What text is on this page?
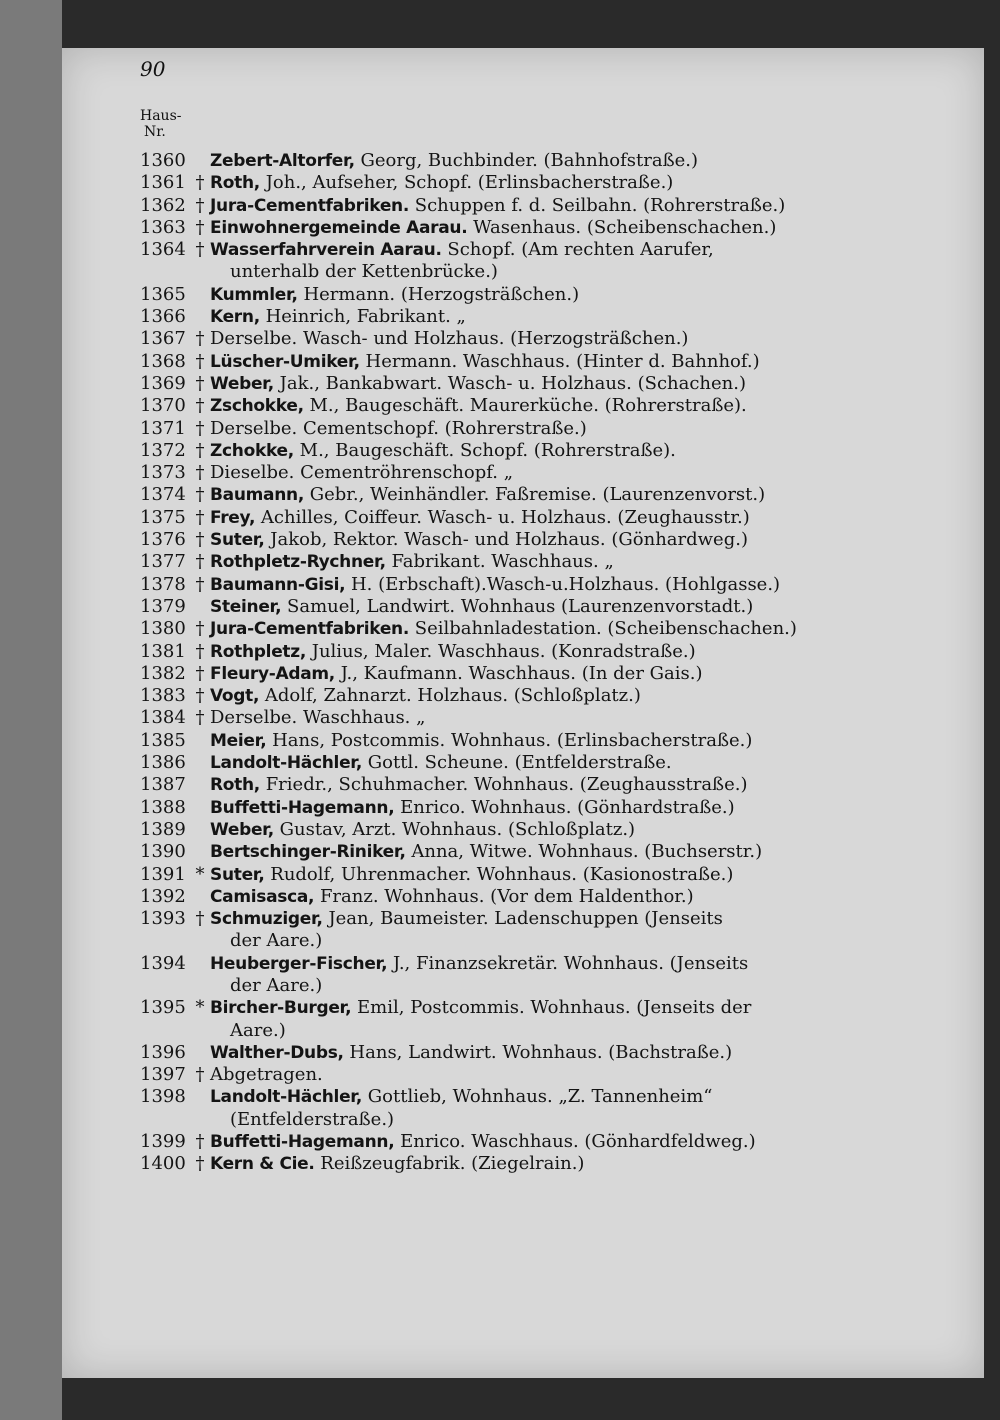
90
Haus-
Nr.
1360	Zebert-Altorfer, Georg, Buchbinder. (Bahnhofstraße.)
1361 † Roth, Joh., Aufseher, Schopf. (Erlinsbacherstraße.)
1362 † Jura-Cementfabriken. Schuppen f. d. Seilbahn. (Rohrerstraße.)
1363 † Einwohnergemeinde Aarau. Wasenhaus. (Scheibenschachen.)
1364 † Wasserfahrverein Aarau. Schopf. (Am rechten Aarufer,
unterhalb der Kettenbrücke.)
1365	Kummler, Hermann. (Herzogsträßchen.)
1366	Kern, Heinrich, Fabrikant. „
1367 † Derselbe. Wasch- und Holzhaus. (Herzogsträßchen.)
1368 † Lüscher-Umiker, Hermann. Waschhaus. (Hinter d. Bahnhof.)
1369 † Weber, Jak., Bankabwart. Wasch- u. Holzhaus. (Schachen.)
1370 † Zschokke, M., Baugeschäft. Maurerküche. (Rohrerstraße).
1371 † Derselbe. Cementschopf. (Rohrerstraße.)
1372 † Zchokke, M., Baugeschäft. Schopf. (Rohrerstraße).
1373 † Dieselbe. Cementröhrenschopf. „
1374 † Baumann, Gebr., Weinhändler. Faßremise. (Laurenzenvorst.)
1375 † Frey, Achilles, Coiffeur. Wasch- u. Holzhaus. (Zeughausstr.)
1376 † Suter, Jakob, Rektor. Wasch- und Holzhaus. (Gönhardweg.)
1377 † Rothpletz-Rychner, Fabrikant. Waschhaus. „
1378 † Baumann-Gisi, H. (Erbschaft).Wasch-u.Holzhaus. (Hohlgasse.)
1379	Steiner, Samuel, Landwirt. Wohnhaus (Laurenzenvorstadt.)
1380 † Jura-Cementfabriken. Seilbahnladestation. (Scheibenschachen.)
1381 † Rothpletz, Julius, Maler. Waschhaus. (Konradstraße.)
1382 † Fleury-Adam, J., Kaufmann. Waschhaus. (In der Gais.)
1383 † Vogt, Adolf, Zahnarzt. Holzhaus. (Schloßplatz.)
1384 † Derselbe. Waschhaus. „
1385	Meier, Hans, Postcommis. Wohnhaus. (Erlinsbacherstraße.)
1386	Landolt-Hächler, Gottl. Scheune. (Entfelderstraße.
1387	Roth, Friedr., Schuhmacher. Wohnhaus. (Zeughausstraße.)
1388	Buffetti-Hagemann, Enrico. Wohnhaus. (Gönhardstraße.)
1389	Weber, Gustav, Arzt. Wohnhaus. (Schloßplatz.)
1390	Bertschinger-Riniker, Anna, Witwe. Wohnhaus. (Buchserstr.)
1391 * Suter, Rudolf, Uhrenmacher. Wohnhaus. (Kasionostraße.)
1392	Camisasca, Franz. Wohnhaus. (Vor dem Haldenthor.)
1393 † Schmuziger, Jean, Baumeister. Ladenschuppen (Jenseits
der Aare.)
1394	Heuberger-Fischer, J., Finanzsekretär. Wohnhaus. (Jenseits
der Aare.)
1395 * Bircher-Burger, Emil, Postcommis. Wohnhaus. (Jenseits der
Aare.)
1396	Walther-Dubs, Hans, Landwirt. Wohnhaus. (Bachstraße.)
1397 † Abgetragen.
1398	Landolt-Hächler, Gottlieb, Wohnhaus. „Z. Tannenheim“
(Entfelderstraße.)
1399 † Buffetti-Hagemann, Enrico. Waschhaus. (Gönhardfeldweg.)
1400 † Kern & Cie. Reißzeugfabrik. (Ziegelrain.)
